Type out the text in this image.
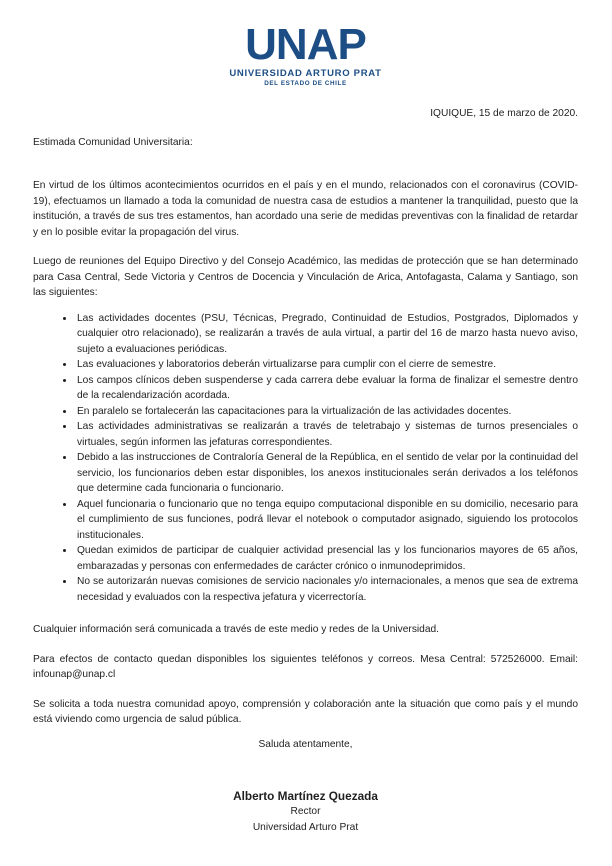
UNAP
UNIVERSIDAD ARTURO PRAT
DEL ESTADO DE CHILE
IQUIQUE, 15 de marzo de 2020.

Estimada Comunidad Universitaria:

En virtud de los últimos acontecimientos ocurridos en el país y en el mundo, relacionados con el coronavirus (COVID-19), efectuamos un llamado a toda la comunidad de nuestra casa de estudios a mantener la tranquilidad, puesto que la institución, a través de sus tres estamentos, han acordado una serie de medidas preventivas con la finalidad de retardar y en lo posible evitar la propagación del virus.

Luego de reuniones del Equipo Directivo y del Consejo Académico, las medidas de protección que se han determinado para Casa Central, Sede Victoria y Centros de Docencia y Vinculación de Arica, Antofagasta, Calama y Santiago, son las siguientes:

• Las actividades docentes (PSU, Técnicas, Pregrado, Continuidad de Estudios, Postgrados, Diplomados y cualquier otro relacionado), se realizarán a través de aula virtual, a partir del 16 de marzo hasta nuevo aviso, sujeto a evaluaciones periódicas.
• Las evaluaciones y laboratorios deberán virtualizarse para cumplir con el cierre de semestre.
• Los campos clínicos deben suspenderse y cada carrera debe evaluar la forma de finalizar el semestre dentro de la recalendarización acordada.
• En paralelo se fortalecerán las capacitaciones para la virtualización de las actividades docentes.
• Las actividades administrativas se realizarán a través de teletrabajo y sistemas de turnos presenciales o virtuales, según informen las jefaturas correspondientes.
• Debido a las instrucciones de Contraloría General de la República, en el sentido de velar por la continuidad del servicio, los funcionarios deben estar disponibles, los anexos institucionales serán derivados a los teléfonos que determine cada funcionaria o funcionario.
• Aquel funcionaria o funcionario que no tenga equipo computacional disponible en su domicilio, necesario para el cumplimiento de sus funciones, podrá llevar el notebook o computador asignado, siguiendo los protocolos institucionales.
• Quedan eximidos de participar de cualquier actividad presencial las y los funcionarios mayores de 65 años, embarazadas y personas con enfermedades de carácter crónico o inmunodeprimidos.
• No se autorizarán nuevas comisiones de servicio nacionales y/o internacionales, a menos que sea de extrema necesidad y evaluados con la respectiva jefatura y vicerrectoría.

Cualquier información será comunicada a través de este medio y redes de la Universidad.

Para efectos de contacto quedan disponibles los siguientes teléfonos y correos. Mesa Central: 572526000. Email: infounap@unap.cl

Se solicita a toda nuestra comunidad apoyo, comprensión y colaboración ante la situación que como país y el mundo está viviendo como urgencia de salud pública.

Saluda atentamente,

Alberto Martínez Quezada
Rector
Universidad Arturo Prat
